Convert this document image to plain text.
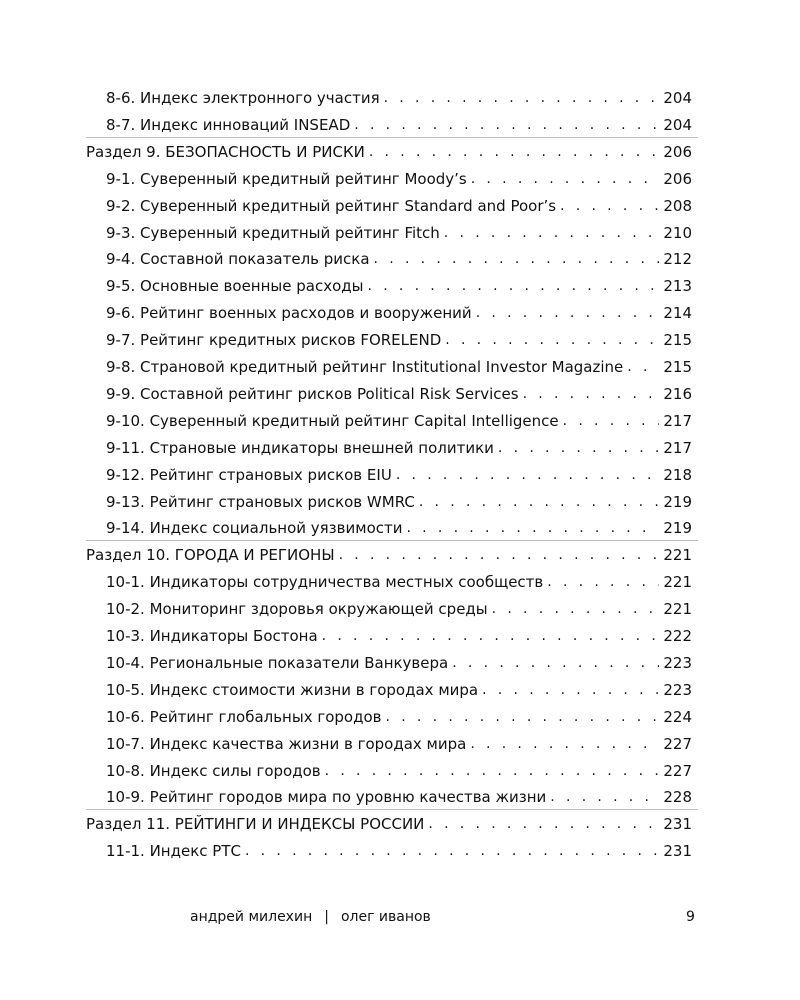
8-6. Индекс электронного участия . . .	204
8-7. Индекс инноваций INSEAD . . .	204
Раздел 9. БЕЗОПАСНОСТЬ И РИСКИ . . .	206
9-1. Суверенный кредитный рейтинг Moody’s . . .	206
9-2. Суверенный кредитный рейтинг Standard and Poor’s . . .	208
9-3. Суверенный кредитный рейтинг Fitch . . .	210
9-4. Составной показатель риска . . .	212
9-5. Основные военные расходы . . .	213
9-6. Рейтинг военных расходов и вооружений . . .	214
9-7. Рейтинг кредитных рисков FORELEND . . .	215
9-8. Страновой кредитный рейтинг Institutional Investor Magazine . . .	215
9-9. Составной рейтинг рисков Political Risk Services . . .	216
9-10. Суверенный кредитный рейтинг Capital Intelligence . . .	217
9-11. Страновые индикаторы внешней политики . . .	217
9-12. Рейтинг страновых рисков EIU . . .	218
9-13. Рейтинг страновых рисков WMRC . . .	219
9-14. Индекс социальной уязвимости . . .	219
Раздел 10. ГОРОДА И РЕГИОНЫ . . .	221
10-1. Индикаторы сотрудничества местных сообществ . . .	221
10-2. Мониторинг здоровья окружающей среды . . .	221
10-3. Индикаторы Бостона . . .	222
10-4. Региональные показатели Ванкувера . . .	223
10-5. Индекс стоимости жизни в городах мира . . .	223
10-6. Рейтинг глобальных городов . . .	224
10-7. Индекс качества жизни в городах мира . . .	227
10-8. Индекс силы городов . . .	227
10-9. Рейтинг городов мира по уровню качества жизни . . .	228
Раздел 11. РЕЙТИНГИ И ИНДЕКСЫ РОССИИ . . .	231
11-1. Индекс РТС . . .	231
андрей милехин | олег иванов	9
